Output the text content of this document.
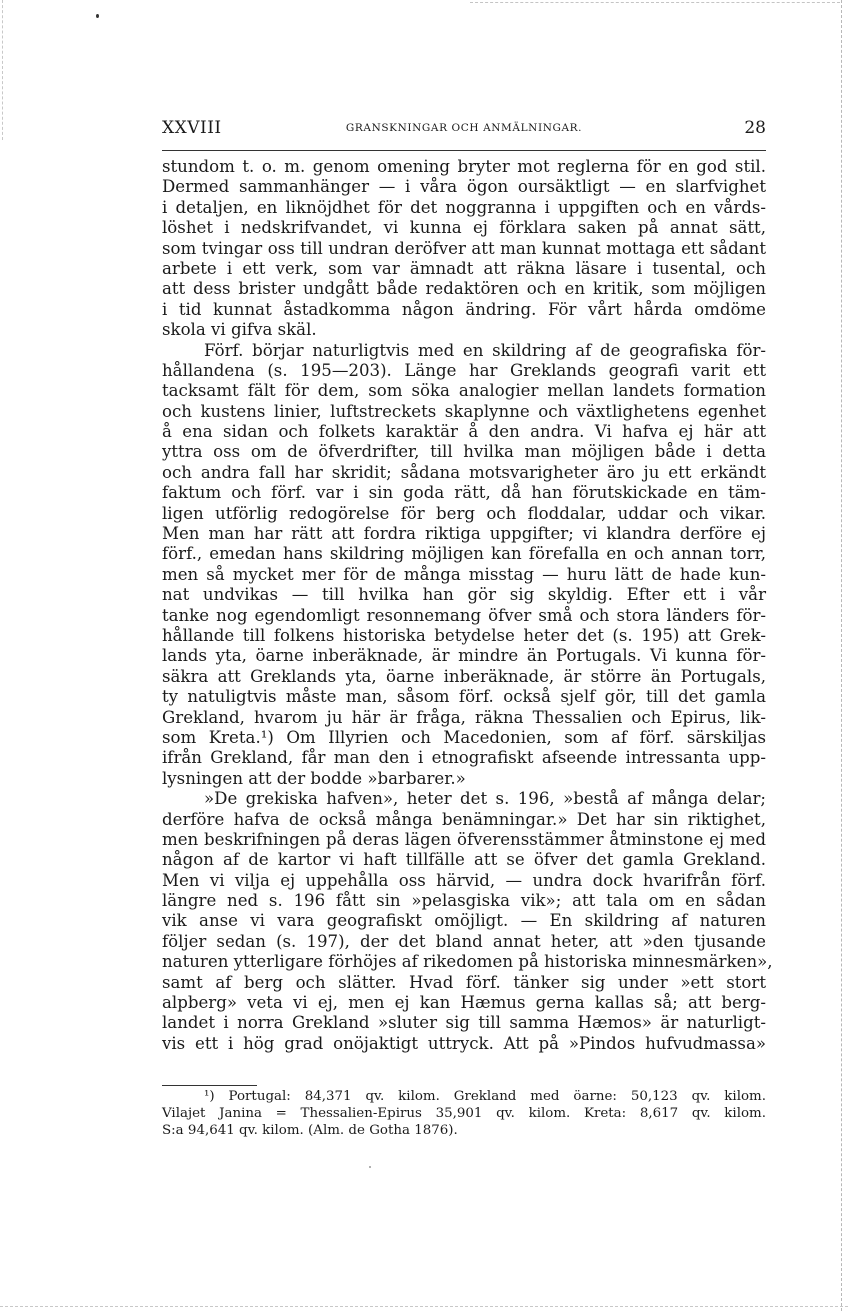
XXVIII	GRANSKNINGAR OCH ANMÄLNINGAR.	28
stundom t. o. m. genom omening bryter mot reglerna för en god stil.
Dermed sammanhänger — i våra ögon oursäktligt — en slarfvighet
i detaljen, en liknöjdhet för det noggranna i uppgiften och en vårds-
löshet i nedskrifvandet, vi kunna ej förklara saken på annat sätt,
som tvingar oss till undran deröfver att man kunnat mottaga ett sådant
arbete i ett verk, som var ämnadt att räkna läsare i tusental, och
att dess brister undgått både redaktören och en kritik, som möjligen
i tid kunnat åstadkomma någon ändring. För vårt hårda omdöme
skola vi gifva skäl.
Förf. börjar naturligtvis med en skildring af de geografiska för-
hållandena (s. 195—203). Länge har Greklands geografi varit ett
tacksamt fält för dem, som söka analogier mellan landets formation
och kustens linier, luftstreckets skaplynne och växtlighetens egenhet
å ena sidan och folkets karaktär å den andra. Vi hafva ej här att
yttra oss om de öfverdrifter, till hvilka man möjligen både i detta
och andra fall har skridit; sådana motsvarigheter äro ju ett erkändt
faktum och förf. var i sin goda rätt, då han förutskickade en täm-
ligen utförlig redogörelse för berg och floddalar, uddar och vikar.
Men man har rätt att fordra riktiga uppgifter; vi klandra derföre ej
förf., emedan hans skildring möjligen kan förefalla en och annan torr,
men så mycket mer för de många misstag — huru lätt de hade kun-
nat undvikas — till hvilka han gör sig skyldig. Efter ett i vår
tanke nog egendomligt resonnemang öfver små och stora länders för-
hållande till folkens historiska betydelse heter det (s. 195) att Grek-
lands yta, öarne inberäknade, är mindre än Portugals. Vi kunna för-
säkra att Greklands yta, öarne inberäknade, är större än Portugals,
ty natuligtvis måste man, såsom förf. också sjelf gör, till det gamla
Grekland, hvarom ju här är fråga, räkna Thessalien och Epirus, lik-
som Kreta.¹) Om Illyrien och Macedonien, som af förf. särskiljas
ifrån Grekland, får man den i etnografiskt afseende intressanta upp-
lysningen att der bodde »barbarer.»
»De grekiska hafven», heter det s. 196, »bestå af många delar;
derföre hafva de också många benämningar.» Det har sin riktighet,
men beskrifningen på deras lägen öfverensstämmer åtminstone ej med
någon af de kartor vi haft tillfälle att se öfver det gamla Grekland.
Men vi vilja ej uppehålla oss härvid, — undra dock hvarifrån förf.
längre ned s. 196 fått sin »pelasgiska vik»; att tala om en sådan
vik anse vi vara geografiskt omöjligt. — En skildring af naturen
följer sedan (s. 197), der det bland annat heter, att »den tjusande
naturen ytterligare förhöjes af rikedomen på historiska minnesmärken»,
samt af berg och slätter. Hvad förf. tänker sig under »ett stort
alpberg» veta vi ej, men ej kan Hæmus gerna kallas så; att berg-
landet i norra Grekland »sluter sig till samma Hæmos» är naturligt-
vis ett i hög grad onöjaktigt uttryck. Att på »Pindos hufvudmassa»
¹) Portugal: 84,371 qv. kilom. Grekland med öarne: 50,123 qv. kilom.
Vilajet Janina = Thessalien-Epirus 35,901 qv. kilom. Kreta: 8,617 qv. kilom.
S:a 94,641 qv. kilom. (Alm. de Gotha 1876).
